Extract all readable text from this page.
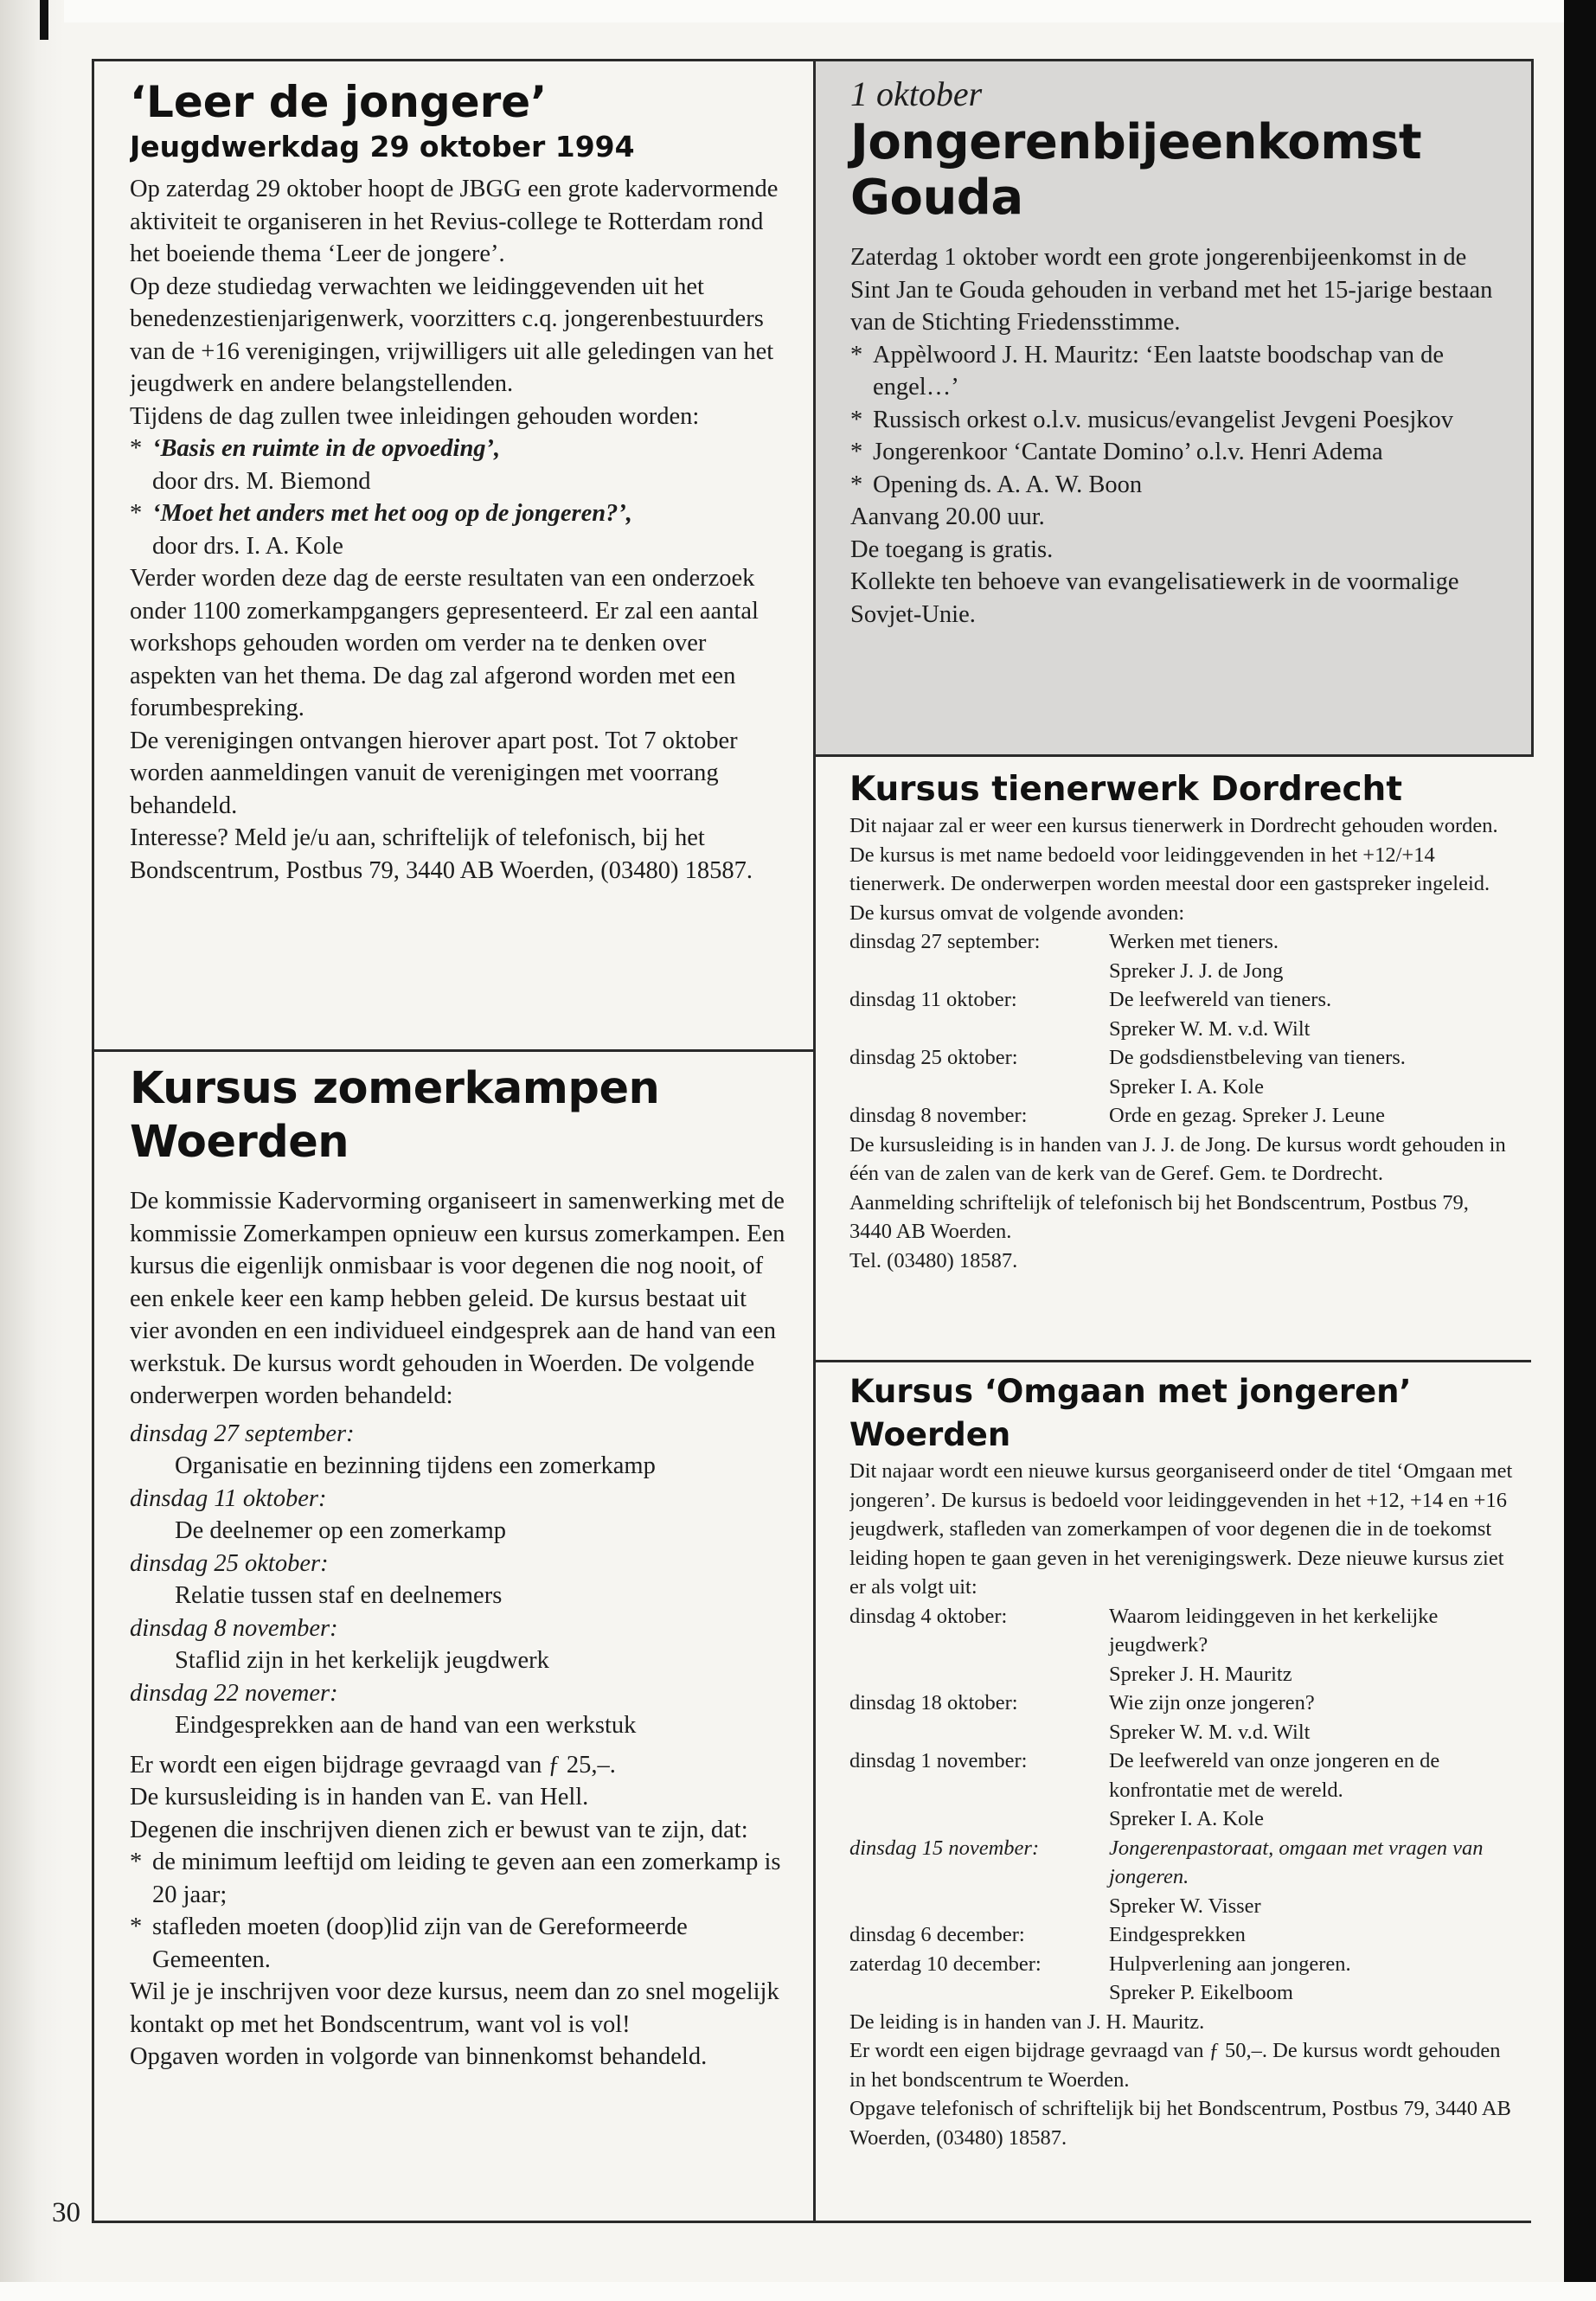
30
‘Leer de jongere’
Jeugdwerkdag 29 oktober 1994

Op zaterdag 29 oktober hoopt de JBGG een grote kadervormende aktiviteit te organiseren in het Revius-college te Rotterdam rond het boeiende thema ‘Leer de jongere’.

Op deze studiedag verwachten we leidinggevenden uit het benedenzestienjarigenwerk, voorzitters c.q. jongerenbestuurders van de +16 verenigingen, vrijwilligers uit alle geledingen van het jeugdwerk en andere belangstellenden.

Tijdens de dag zullen twee inleidingen gehouden worden:

* ‘Basis en ruimte in de opvoeding’,
door drs. M. Biemond
* ‘Moet het anders met het oog op de jongeren?’,
door drs. I. A. Kole

Verder worden deze dag de eerste resultaten van een onderzoek onder 1100 zomerkampgangers gepresenteerd. Er zal een aantal workshops gehouden worden om verder na te denken over aspekten van het thema. De dag zal afgerond worden met een forumbespreking.

De verenigingen ontvangen hierover apart post. Tot 7 oktober worden aanmeldingen vanuit de verenigingen met voorrang behandeld.

Interesse? Meld je/u aan, schriftelijk of telefonisch, bij het Bondscentrum, Postbus 79, 3440 AB Woerden, (03480) 18587.

Kursus zomerkampen Woerden

De kommissie Kadervorming organiseert in samenwerking met de kommissie Zomerkampen opnieuw een kursus zomerkampen. Een kursus die eigenlijk onmisbaar is voor degenen die nog nooit, of een enkele keer een kamp hebben geleid. De kursus bestaat uit vier avonden en een individueel eindgesprek aan de hand van een werkstuk. De kursus wordt gehouden in Woerden. De volgende onderwerpen worden behandeld:

dinsdag 27 september:
Organisatie en bezinning tijdens een zomerkamp
dinsdag 11 oktober:
De deelnemer op een zomerkamp
dinsdag 25 oktober:
Relatie tussen staf en deelnemers
dinsdag 8 november:
Staflid zijn in het kerkelijk jeugdwerk
dinsdag 22 novemer:
Eindgesprekken aan de hand van een werkstuk

Er wordt een eigen bijdrage gevraagd van ƒ 25,–.

De kursusleiding is in handen van E. van Hell.

Degenen die inschrijven dienen zich er bewust van te zijn, dat:

* de minimum leeftijd om leiding te geven aan een zomerkamp is 20 jaar;
* stafleden moeten (doop)lid zijn van de Gereformeerde Gemeenten.

Wil je je inschrijven voor deze kursus, neem dan zo snel mogelijk kontakt op met het Bondscentrum, want vol is vol!

Opgaven worden in volgorde van binnenkomst behandeld.

1 oktober
Jongerenbijeenkomst Gouda

Zaterdag 1 oktober wordt een grote jongerenbijeenkomst in de Sint Jan te Gouda gehouden in verband met het 15-jarige bestaan van de Stichting Friedensstimme.

* Appèlwoord J. H. Mauritz: ‘Een laatste boodschap van de engel…’
* Russisch orkest o.l.v. musicus/evangelist Jevgeni Poesjkov
* Jongerenkoor ‘Cantate Domino’ o.l.v. Henri Adema
* Opening ds. A. A. W. Boon

Aanvang 20.00 uur.

De toegang is gratis.

Kollekte ten behoeve van evangelisatiewerk in de voormalige Sovjet-Unie.

Kursus tienerwerk Dordrecht

Dit najaar zal er weer een kursus tienerwerk in Dordrecht gehouden worden. De kursus is met name bedoeld voor leidinggevenden in het +12/+14 tienerwerk. De onderwerpen worden meestal door een gastspreker ingeleid.

De kursus omvat de volgende avonden:

dinsdag 27 september:	Werken met tieners.
	Spreker J. J. de Jong
dinsdag 11 oktober:	De leefwereld van tieners.
	Spreker W. M. v.d. Wilt
dinsdag 25 oktober:	De godsdienstbeleving van tieners.
	Spreker I. A. Kole
dinsdag 8 november:	Orde en gezag. Spreker J. Leune

De kursusleiding is in handen van J. J. de Jong. De kursus wordt gehouden in één van de zalen van de kerk van de Geref. Gem. te Dordrecht.

Aanmelding schriftelijk of telefonisch bij het Bondscentrum, Postbus 79, 3440 AB Woerden.

Tel. (03480) 18587.

Kursus ‘Omgaan met jongeren’ Woerden

Dit najaar wordt een nieuwe kursus georganiseerd onder de titel ‘Omgaan met jongeren’. De kursus is bedoeld voor leidinggevenden in het +12, +14 en +16 jeugdwerk, stafleden van zomerkampen of voor degenen die in de toekomst leiding hopen te gaan geven in het verenigingswerk. Deze nieuwe kursus ziet er als volgt uit:

dinsdag 4 oktober:	Waarom leidinggeven in het kerkelijke jeugdwerk?
	Spreker J. H. Mauritz
dinsdag 18 oktober:	Wie zijn onze jongeren?
	Spreker W. M. v.d. Wilt
dinsdag 1 november:	De leefwereld van onze jongeren en de konfrontatie met de wereld.
	Spreker I. A. Kole
dinsdag 15 november:	Jongerenpastoraat, omgaan met vragen van jongeren.
	Spreker W. Visser
dinsdag 6 december:	Eindgesprekken
zaterdag 10 december:	Hulpverlening aan jongeren.
	Spreker P. Eikelboom

De leiding is in handen van J. H. Mauritz.

Er wordt een eigen bijdrage gevraagd van ƒ 50,–. De kursus wordt gehouden in het bondscentrum te Woerden.

Opgave telefonisch of schriftelijk bij het Bondscentrum, Postbus 79, 3440 AB Woerden, (03480) 18587.
